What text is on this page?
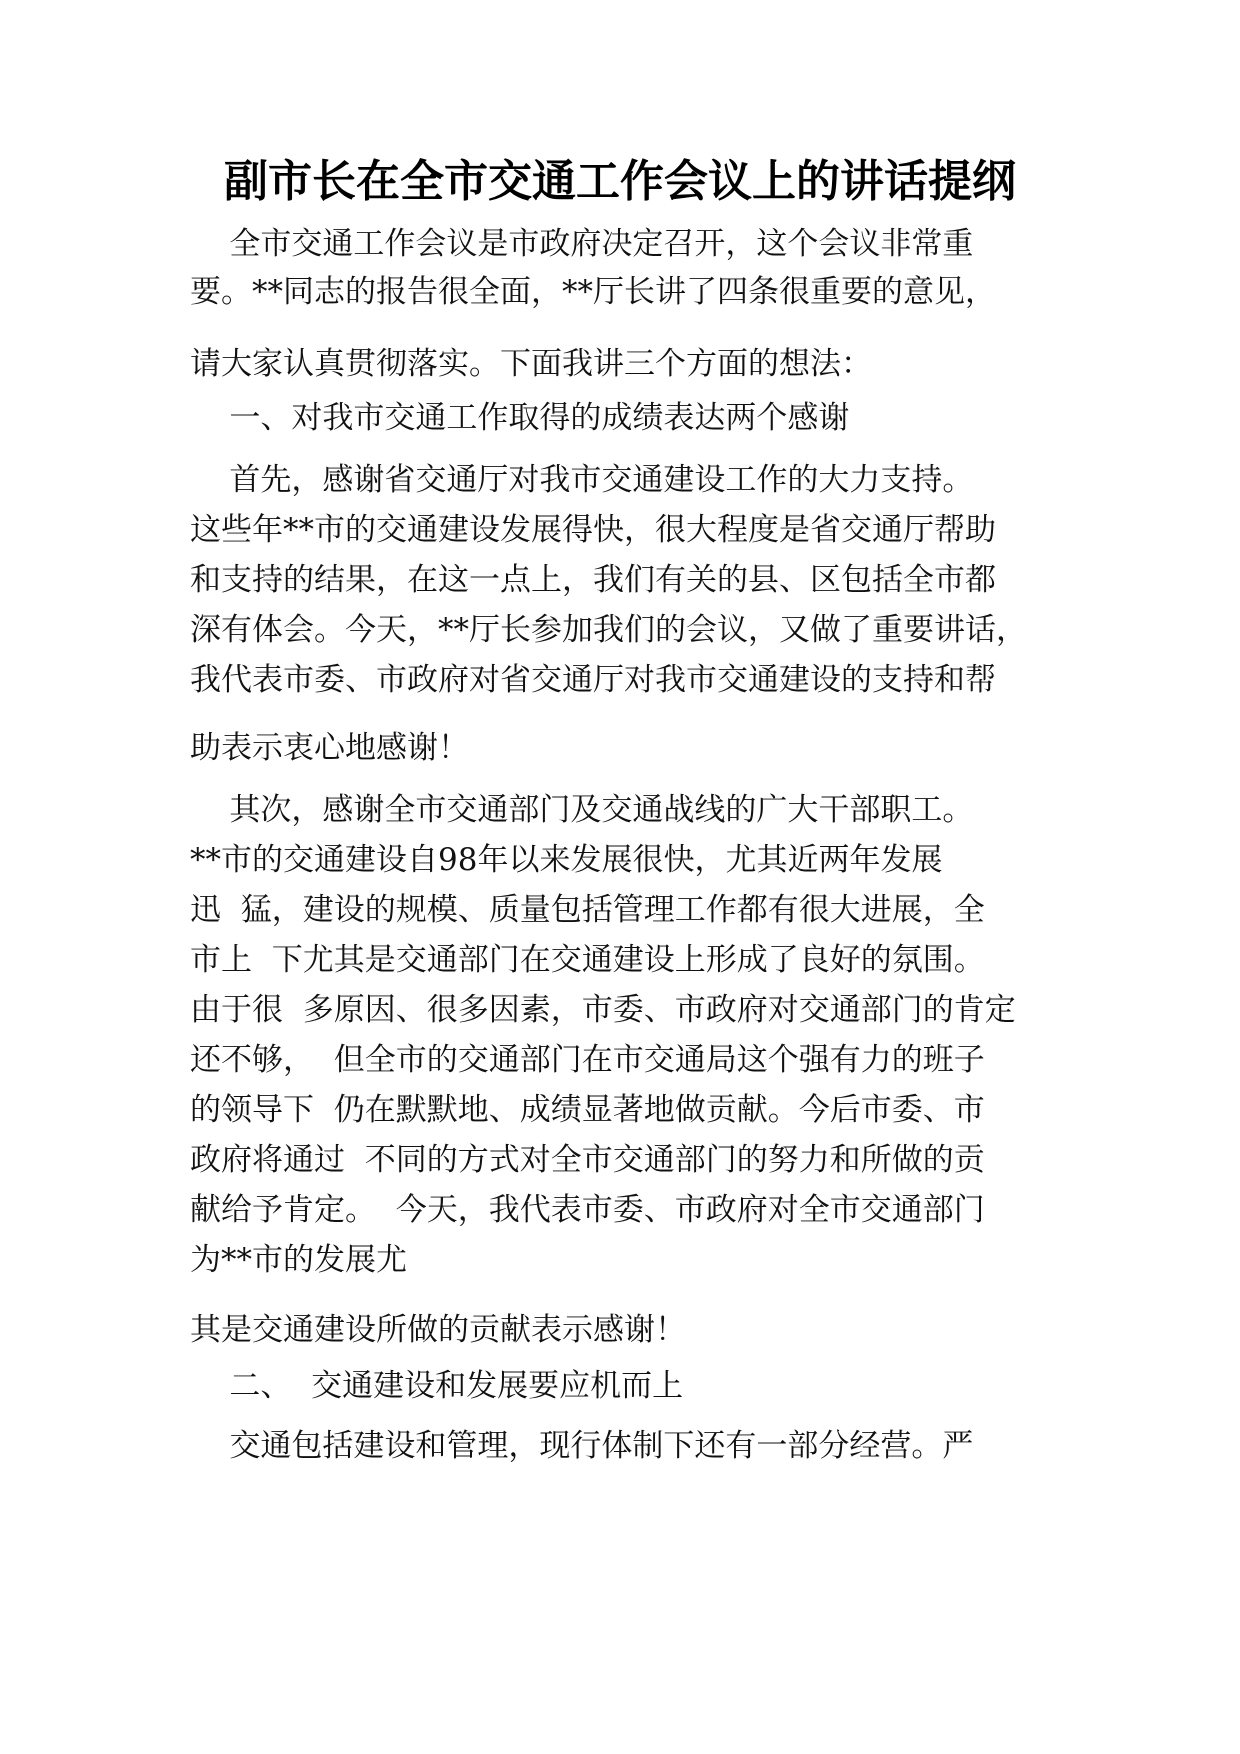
副市长在全市交通工作会议上的讲话提纲
全市交通工作会议是市政府决定召开，这个会议非常重
要。**同志的报告很全面，**厅长讲了四条很重要的意见，
请大家认真贯彻落实。下面我讲三个方面的想法：
一、对我市交通工作取得的成绩表达两个感谢
首先，感谢省交通厅对我市交通建设工作的大力支持。
这些年**市的交通建设发展得快，很大程度是省交通厅帮助
和支持的结果，在这一点上，我们有关的县、区包括全市都
深有体会。今天，**厅长参加我们的会议，又做了重要讲话，
我代表市委、市政府对省交通厅对我市交通建设的支持和帮
助表示衷心地感谢！
其次，感谢全市交通部门及交通战线的广大干部职工。
**市的交通建设自98年以来发展很快，尤其近两年发展
迅  猛，建设的规模、质量包括管理工作都有很大进展，全
市上  下尤其是交通部门在交通建设上形成了良好的氛围。
由于很  多原因、很多因素，市委、市政府对交通部门的肯定
还不够，  但全市的交通部门在市交通局这个强有力的班子
的领导下  仍在默默地、成绩显著地做贡献。今后市委、市
政府将通过  不同的方式对全市交通部门的努力和所做的贡
献给予肯定。  今天，我代表市委、市政府对全市交通部门
为**市的发展尤
其是交通建设所做的贡献表示感谢！
二、  交通建设和发展要应机而上
交通包括建设和管理，现行体制下还有一部分经营。严
